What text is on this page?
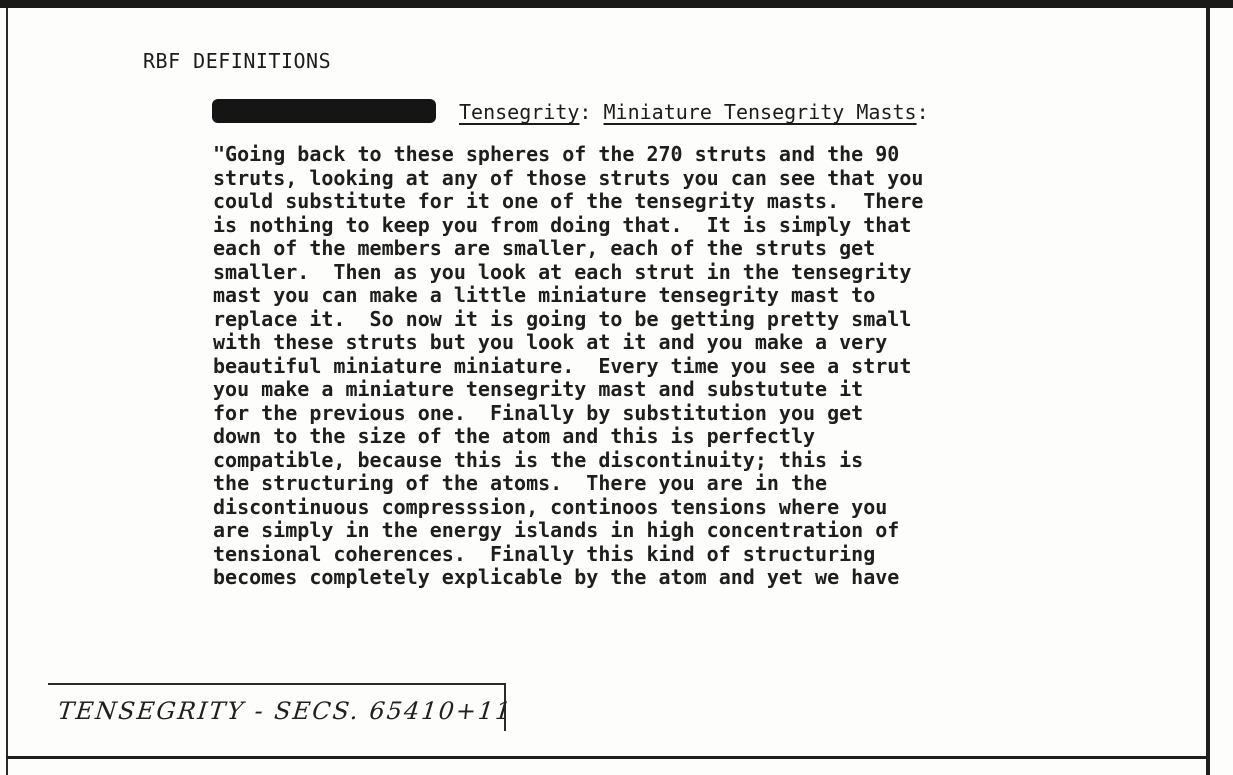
RBF DEFINITIONS
Tensegrity: Miniature Tensegrity Masts:
"Going back to these spheres of the 270 struts and the 90
struts, looking at any of those struts you can see that you
could substitute for it one of the tensegrity masts.  There
is nothing to keep you from doing that.  It is simply that
each of the members are smaller, each of the struts get
smaller.  Then as you look at each strut in the tensegrity
mast you can make a little miniature tensegrity mast to
replace it.  So now it is going to be getting pretty small
with these struts but you look at it and you make a very
beautiful miniature miniature.  Every time you see a strut
you make a miniature tensegrity mast and substutute it
for the previous one.  Finally by substitution you get
down to the size of the atom and this is perfectly
compatible, because this is the discontinuity; this is
the structuring of the atoms.  There you are in the
discontinuous compresssion, continoos tensions where you
are simply in the energy islands in high concentration of
tensional coherences.  Finally this kind of structuring
becomes completely explicable by the atom and yet we have
TENSEGRITY - SECS. 65410+11
